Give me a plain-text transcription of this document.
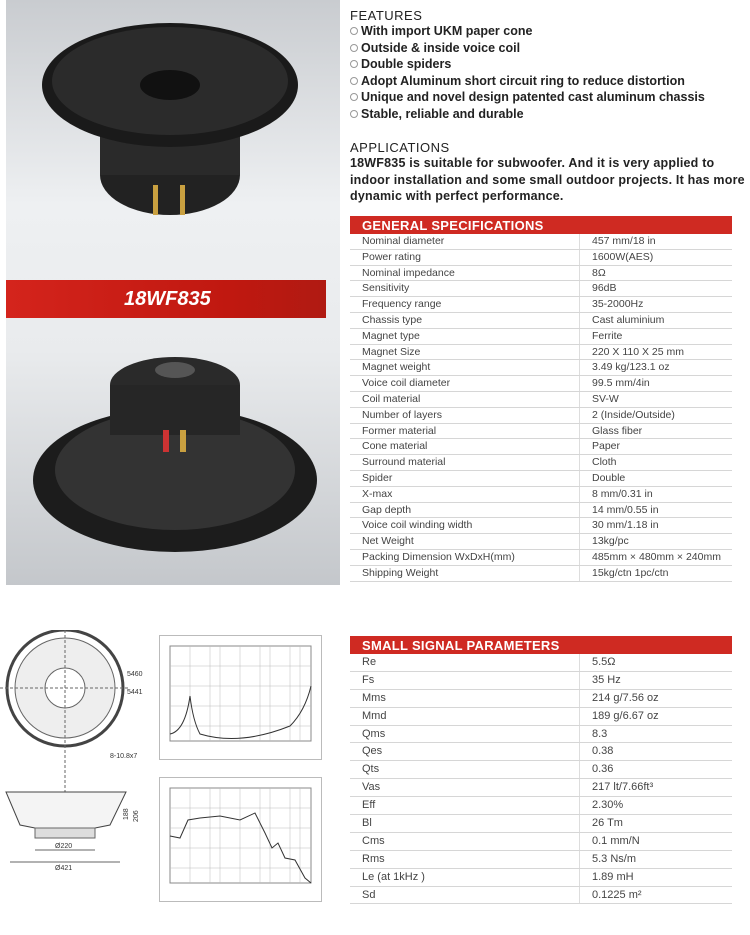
18WF835
FEATURES
With import UKM paper cone
Outside & inside voice coil
Double spiders
Adopt Aluminum short circuit ring to reduce distortion
Unique and novel design patented cast aluminum chassis
Stable, reliable and durable
APPLICATIONS

18WF835 is suitable for subwoofer. And it is very applied to indoor installation and some small outdoor projects. It has more dynamic with perfect performance.

GENERAL SPECIFICATIONS
Nominal diameter	457 mm/18 in
Power rating	1600W(AES)
Nominal impedance	8Ω
Sensitivity	96dB
Frequency range	35-2000Hz
Chassis type	Cast aluminium
Magnet type	Ferrite
Magnet Size	220 X 110 X 25 mm
Magnet weight	3.49 kg/123.1 oz
Voice coil diameter	99.5 mm/4in
Coil material	SV-W
Number of layers	2 (Inside/Outside)
Former material	Glass fiber
Cone material	Paper
Surround material	Cloth
Spider	Double
X-max	8 mm/0.31 in
Gap depth	14 mm/0.55 in
Voice coil winding width	30 mm/1.18 in
Net Weight	13kg/pc
Packing Dimension WxDxH(mm)	485mm × 480mm × 240mm
Shipping Weight	15kg/ctn 1pc/ctn
SMALL SIGNAL PARAMETERS
Re	5.5Ω
Fs	35 Hz
Mms	214 g/7.56 oz
Mmd	189 g/6.67 oz
Qms	8.3
Qes	0.38
Qts	0.36
Vas	217 lt/7.66ft³
Eff	2.30%
Bl	26 Tm
Cms	0.1 mm/N
Rms	5.3 Ns/m
Le (at 1kHz )	1.89 mH
Sd	0.1225 m²
5460
5441
8-10.8x7
Ø220
Ø421
188 206
